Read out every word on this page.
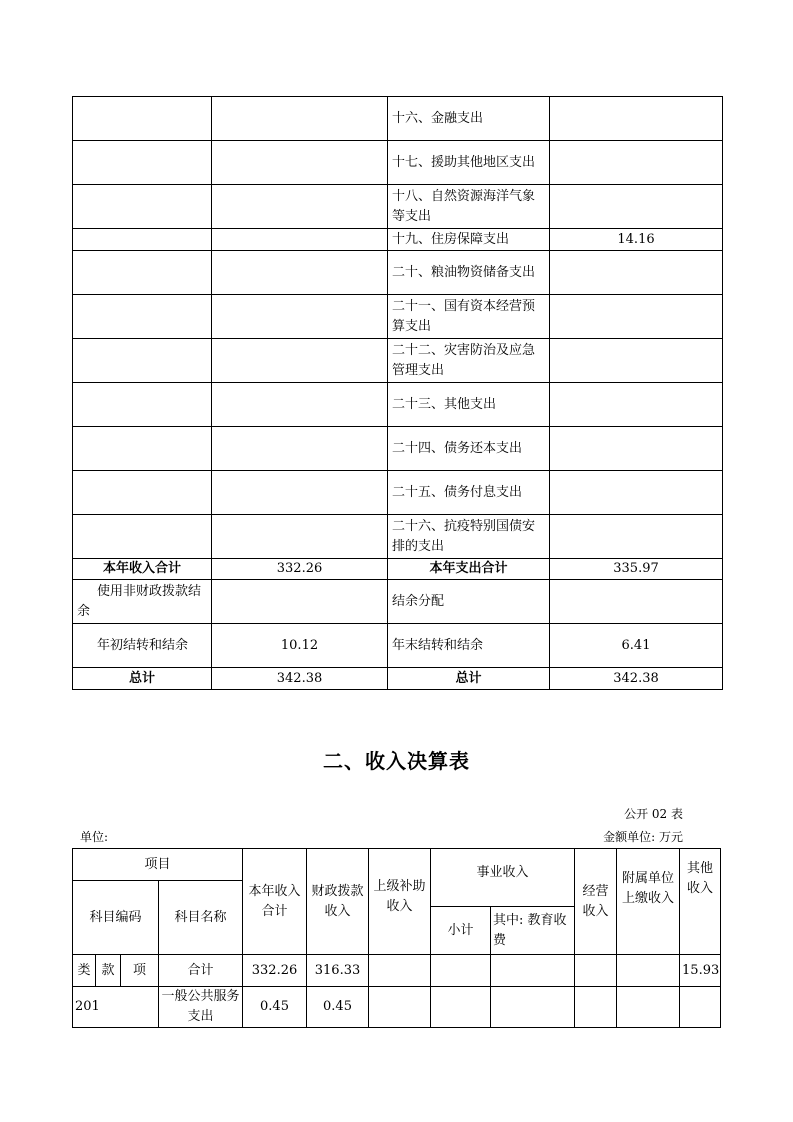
		十六、金融支出	
		十七、援助其他地区支出	
		十八、自然资源海洋气象等支出	
		十九、住房保障支出	14.16
		二十、粮油物资储备支出	
		二十一、国有资本经营预算支出	
		二十二、灾害防治及应急管理支出	
		二十三、其他支出	
		二十四、债务还本支出	
		二十五、债务付息支出	
		二十六、抗疫特别国债安排的支出	
本年收入合计	332.26	本年支出合计	335.97
使用非财政拨款结余		结余分配	
年初结转和结余	10.12	年末结转和结余	6.41
总计	342.38	总计	342.38
二、收入决算表
公开 02 表
单位:	金额单位: 万元
项目				本年收入合计	财政拨款收入	上级补助收入	事业收入		经营收入	附属单位上缴收入	其他收入
科目编码			科目名称								
							小计	其中: 教育收费			
类	款	项	合计	332.26	316.33						15.93
201			一般公共服务支出	0.45	0.45						
